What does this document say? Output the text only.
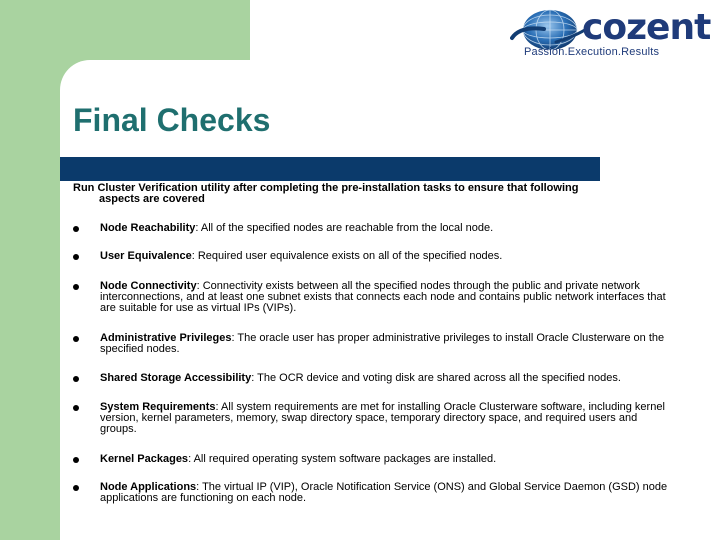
cozent
Passion.Execution.Results
Final Checks
Run Cluster Verification utility after completing the pre-installation tasks to ensure that following
aspects are covered
Node Reachability: All of the specified nodes are reachable from the local node.
User Equivalence: Required user equivalence exists on all of the specified nodes.
Node Connectivity: Connectivity exists between all the specified nodes through the public and private network interconnections, and at least one subnet exists that connects each node and contains public network interfaces that are suitable for use as virtual IPs (VIPs).
Administrative Privileges: The oracle user has proper administrative privileges to install Oracle Clusterware on the specified nodes.
Shared Storage Accessibility: The OCR device and voting disk are shared across all the specified nodes.
System Requirements: All system requirements are met for installing Oracle Clusterware software, including kernel version, kernel parameters, memory, swap directory space, temporary directory space, and required users and groups.
Kernel Packages: All required operating system software packages are installed.
Node Applications: The virtual IP (VIP), Oracle Notification Service (ONS) and Global Service Daemon (GSD) node applications are functioning on each node.
